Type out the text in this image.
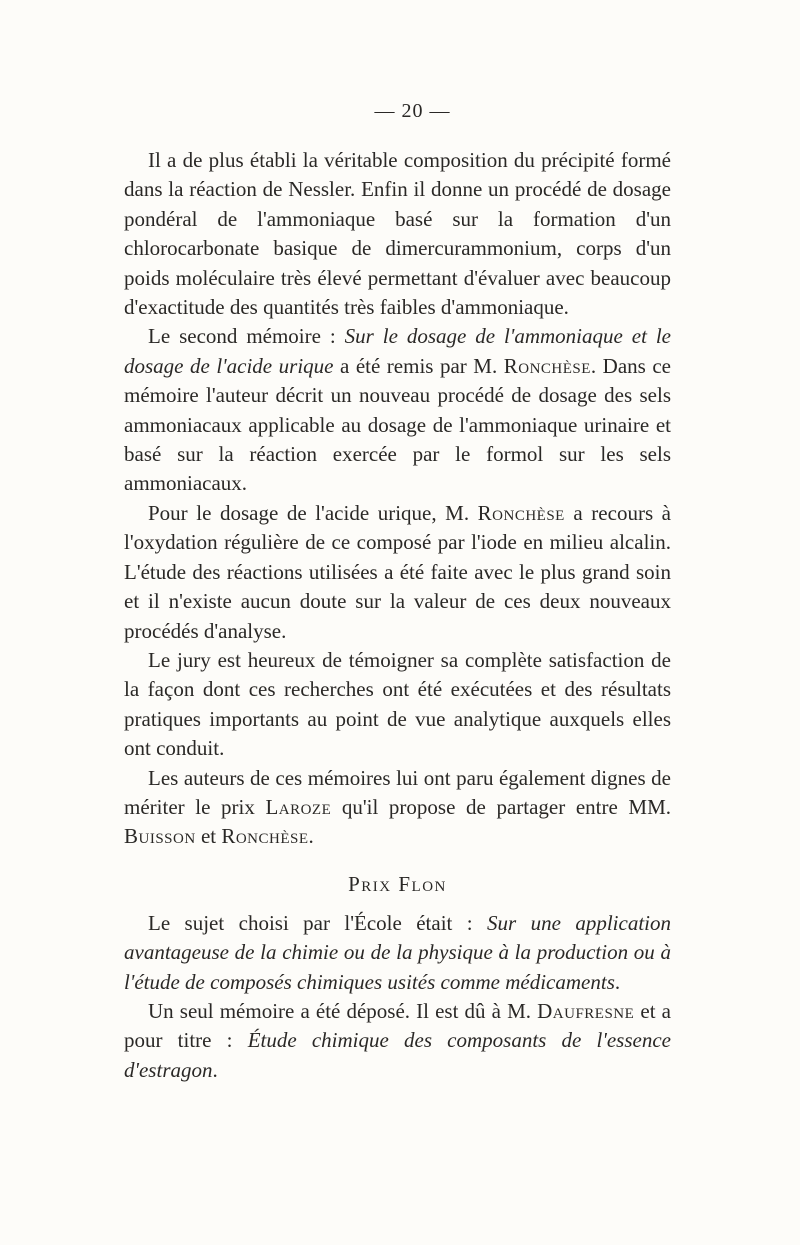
— 20 —

Il a de plus établi la véritable composition du précipité formé dans la réaction de Nessler. Enfin il donne un procédé de dosage pondéral de l'ammoniaque basé sur la formation d'un chlorocarbonate basique de dimercurammonium, corps d'un poids moléculaire très élevé permettant d'évaluer avec beaucoup d'exactitude des quantités très faibles d'ammoniaque.

Le second mémoire : Sur le dosage de l'ammoniaque et le dosage de l'acide urique a été remis par M. Ronchèse. Dans ce mémoire l'auteur décrit un nouveau procédé de dosage des sels ammoniacaux applicable au dosage de l'ammoniaque urinaire et basé sur la réaction exercée par le formol sur les sels ammoniacaux.

Pour le dosage de l'acide urique, M. Ronchèse a recours à l'oxydation régulière de ce composé par l'iode en milieu alcalin. L'étude des réactions utilisées a été faite avec le plus grand soin et il n'existe aucun doute sur la valeur de ces deux nouveaux procédés d'analyse.

Le jury est heureux de témoigner sa complète satisfaction de la façon dont ces recherches ont été exécutées et des résultats pratiques importants au point de vue analytique auxquels elles ont conduit.

Les auteurs de ces mémoires lui ont paru également dignes de mériter le prix Laroze qu'il propose de partager entre MM. Buisson et Ronchèse.

Prix Flon

Le sujet choisi par l'École était : Sur une application avantageuse de la chimie ou de la physique à la production ou à l'étude de composés chimiques usités comme médicaments.

Un seul mémoire a été déposé. Il est dû à M. Daufresne et a pour titre : Étude chimique des composants de l'essence d'estragon.
